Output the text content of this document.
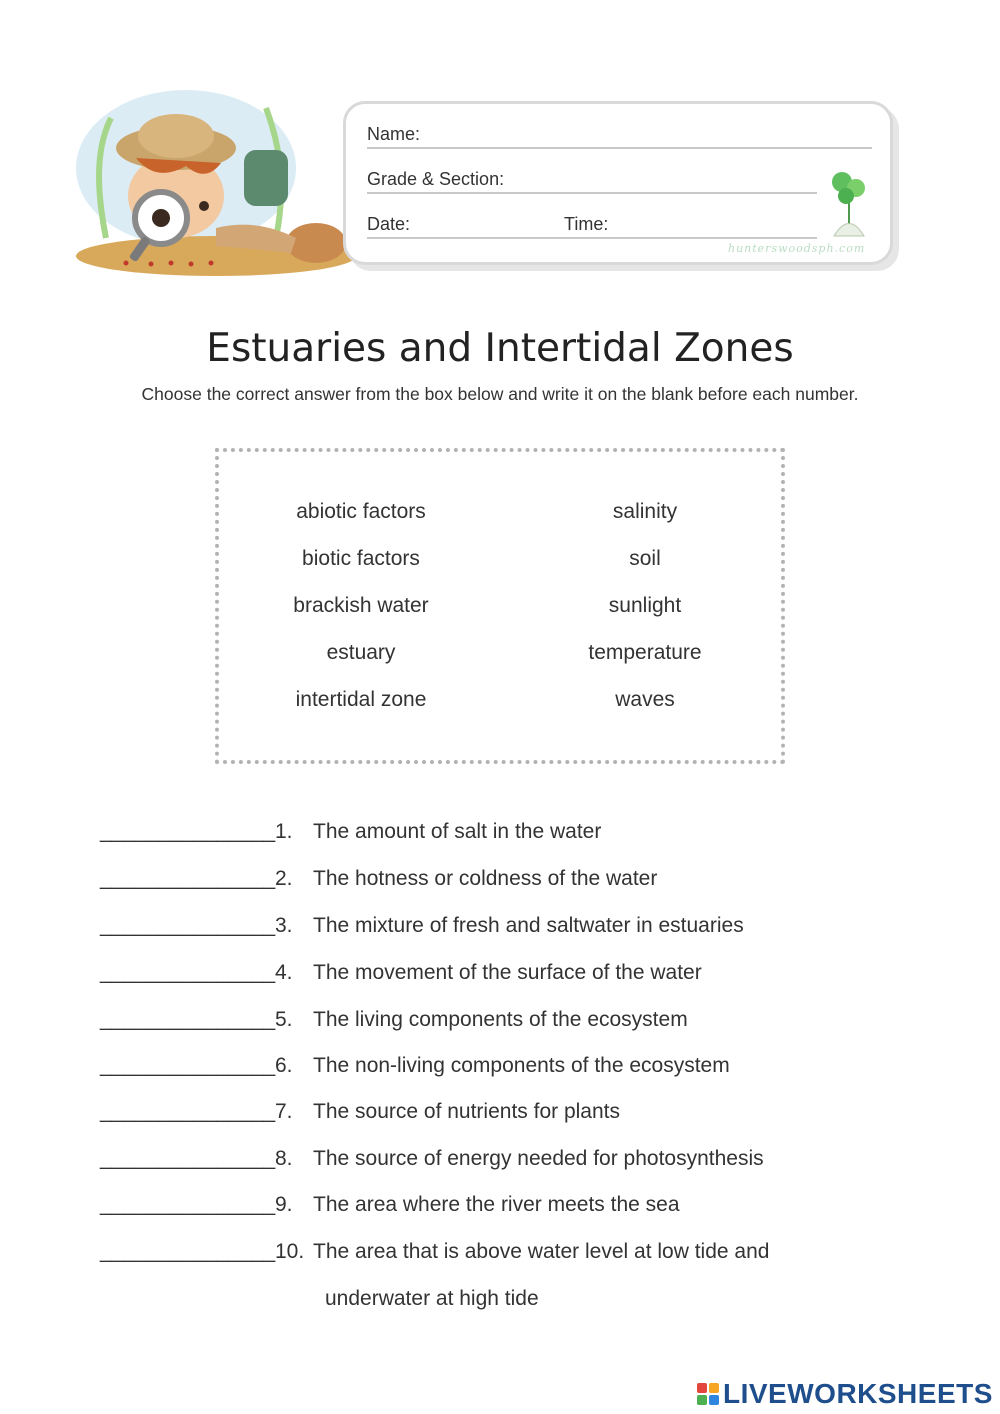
Name:
Grade & Section:
Date:	Time:
hunterswoodsph.com
Estuaries and Intertidal Zones
Choose the correct answer from the box below and write it on the blank before each number.
abiotic factors
biotic factors
brackish water
estuary
intertidal zone
salinity
soil
sunlight
temperature
waves
_______________1. The amount of salt in the water
_______________2. The hotness or coldness of the water
_______________3. The mixture of fresh and saltwater in estuaries
_______________4. The movement of the surface of the water
_______________5. The living components of the ecosystem
_______________6. The non-living components of the ecosystem
_______________7. The source of nutrients for plants
_______________8. The source of energy needed for photosynthesis
_______________9. The area where the river meets the sea
_______________10. The area that is above water level at low tide and
underwater at high tide
LIVEWORKSHEETS
